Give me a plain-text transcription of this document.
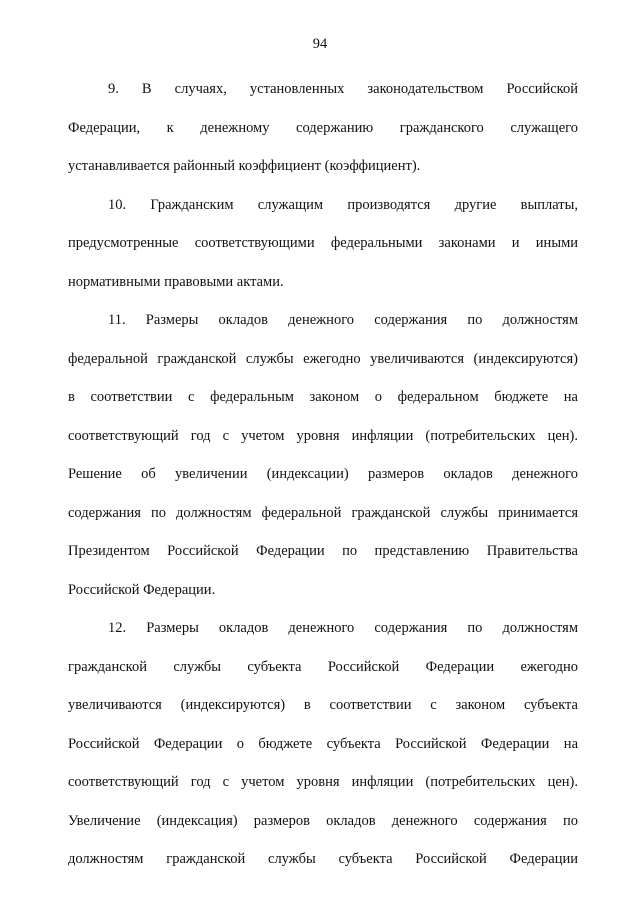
94
9. В случаях, установленных законодательством Российской
Федерации, к денежному содержанию гражданского служащего
устанавливается районный коэффициент (коэффициент).
10. Гражданским служащим производятся другие выплаты,
предусмотренные соответствующими федеральными законами и иными
нормативными правовыми актами.
11. Размеры окладов денежного содержания по должностям
федеральной гражданской службы ежегодно увеличиваются (индексируются)
в соответствии с федеральным законом о федеральном бюджете на
соответствующий год с учетом уровня инфляции (потребительских цен).
Решение об увеличении (индексации) размеров окладов денежного
содержания по должностям федеральной гражданской службы принимается
Президентом Российской Федерации по представлению Правительства
Российской Федерации.
12. Размеры окладов денежного содержания по должностям
гражданской службы субъекта Российской Федерации ежегодно
увеличиваются (индексируются) в соответствии с законом субъекта
Российской Федерации о бюджете субъекта Российской Федерации на
соответствующий год с учетом уровня инфляции (потребительских цен).
Увеличение (индексация) размеров окладов денежного содержания по
должностям гражданской службы субъекта Российской Федерации
